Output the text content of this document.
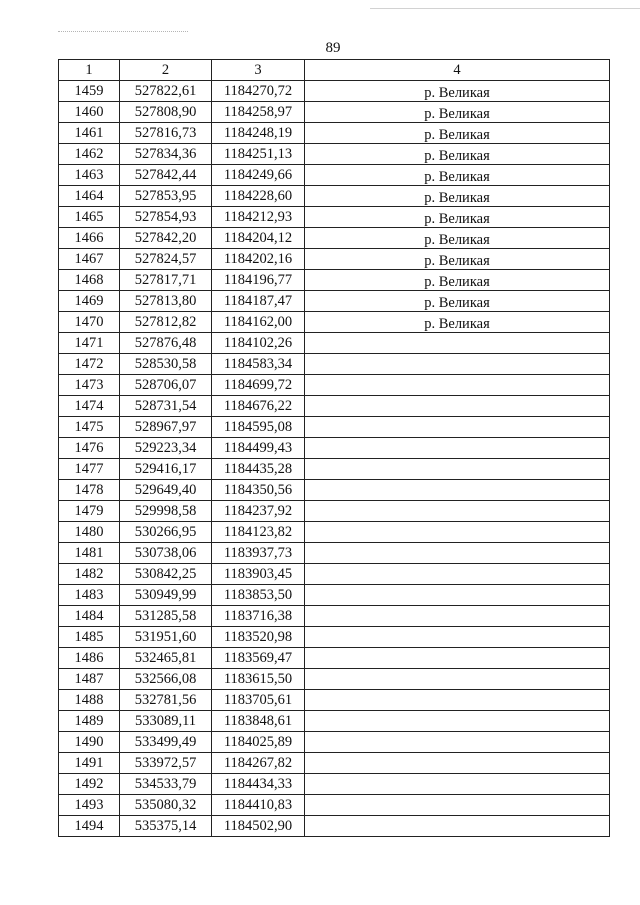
89
1	2	3	4
1459	527822,61	1184270,72	р. Великая
1460	527808,90	1184258,97	р. Великая
1461	527816,73	1184248,19	р. Великая
1462	527834,36	1184251,13	р. Великая
1463	527842,44	1184249,66	р. Великая
1464	527853,95	1184228,60	р. Великая
1465	527854,93	1184212,93	р. Великая
1466	527842,20	1184204,12	р. Великая
1467	527824,57	1184202,16	р. Великая
1468	527817,71	1184196,77	р. Великая
1469	527813,80	1184187,47	р. Великая
1470	527812,82	1184162,00	р. Великая
1471	527876,48	1184102,26	
1472	528530,58	1184583,34	
1473	528706,07	1184699,72	
1474	528731,54	1184676,22	
1475	528967,97	1184595,08	
1476	529223,34	1184499,43	
1477	529416,17	1184435,28	
1478	529649,40	1184350,56	
1479	529998,58	1184237,92	
1480	530266,95	1184123,82	
1481	530738,06	1183937,73	
1482	530842,25	1183903,45	
1483	530949,99	1183853,50	
1484	531285,58	1183716,38	
1485	531951,60	1183520,98	
1486	532465,81	1183569,47	
1487	532566,08	1183615,50	
1488	532781,56	1183705,61	
1489	533089,11	1183848,61	
1490	533499,49	1184025,89	
1491	533972,57	1184267,82	
1492	534533,79	1184434,33	
1493	535080,32	1184410,83	
1494	535375,14	1184502,90	
